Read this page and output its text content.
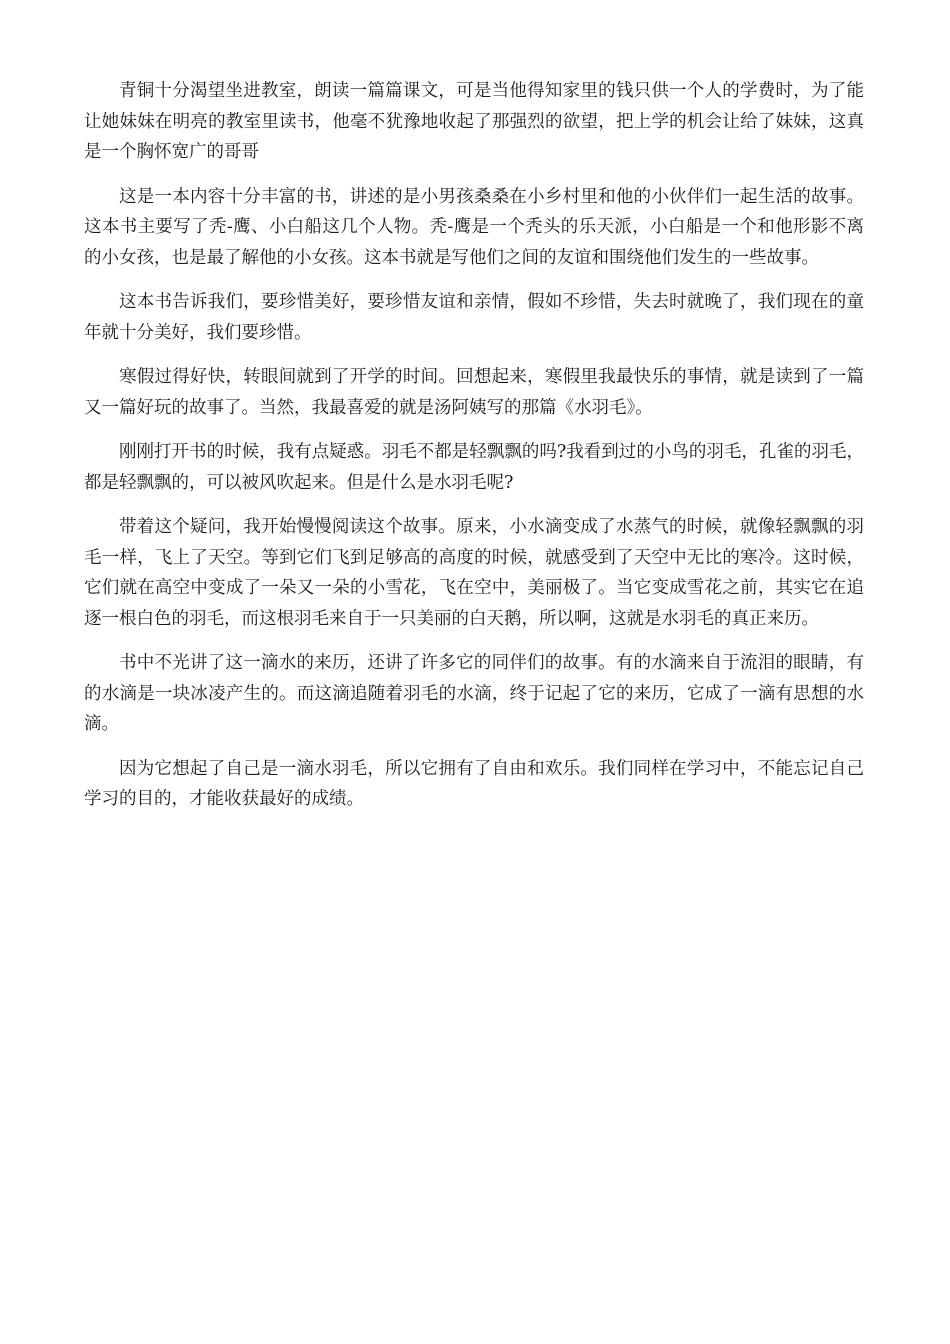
青铜十分渴望坐进教室，朗读一篇篇课文，可是当他得知家里的钱只供一个人的学费时，为了能让她妹妹在明亮的教室里读书，他毫不犹豫地收起了那强烈的欲望，把上学的机会让给了妹妹，这真是一个胸怀宽广的哥哥

这是一本内容十分丰富的书，讲述的是小男孩桑桑在小乡村里和他的小伙伴们一起生活的故事。这本书主要写了秃-鹰、小白船这几个人物。秃-鹰是一个秃头的乐天派，小白船是一个和他形影不离的小女孩，也是最了解他的小女孩。这本书就是写他们之间的友谊和围绕他们发生的一些故事。

这本书告诉我们，要珍惜美好，要珍惜友谊和亲情，假如不珍惜，失去时就晚了，我们现在的童年就十分美好，我们要珍惜。

寒假过得好快，转眼间就到了开学的时间。回想起来，寒假里我最快乐的事情，就是读到了一篇又一篇好玩的故事了。当然，我最喜爱的就是汤阿姨写的那篇《水羽毛》。

刚刚打开书的时候，我有点疑惑。羽毛不都是轻飘飘的吗?我看到过的小鸟的羽毛，孔雀的羽毛，都是轻飘飘的，可以被风吹起来。但是什么是水羽毛呢?

带着这个疑问，我开始慢慢阅读这个故事。原来，小水滴变成了水蒸气的时候，就像轻飘飘的羽毛一样，飞上了天空。等到它们飞到足够高的高度的时候，就感受到了天空中无比的寒冷。这时候，它们就在高空中变成了一朵又一朵的小雪花，飞在空中，美丽极了。当它变成雪花之前，其实它在追逐一根白色的羽毛，而这根羽毛来自于一只美丽的白天鹅，所以啊，这就是水羽毛的真正来历。

书中不光讲了这一滴水的来历，还讲了许多它的同伴们的故事。有的水滴来自于流泪的眼睛，有的水滴是一块冰凌产生的。而这滴追随着羽毛的水滴，终于记起了它的来历，它成了一滴有思想的水滴。

因为它想起了自己是一滴水羽毛，所以它拥有了自由和欢乐。我们同样在学习中，不能忘记自己学习的目的，才能收获最好的成绩。
